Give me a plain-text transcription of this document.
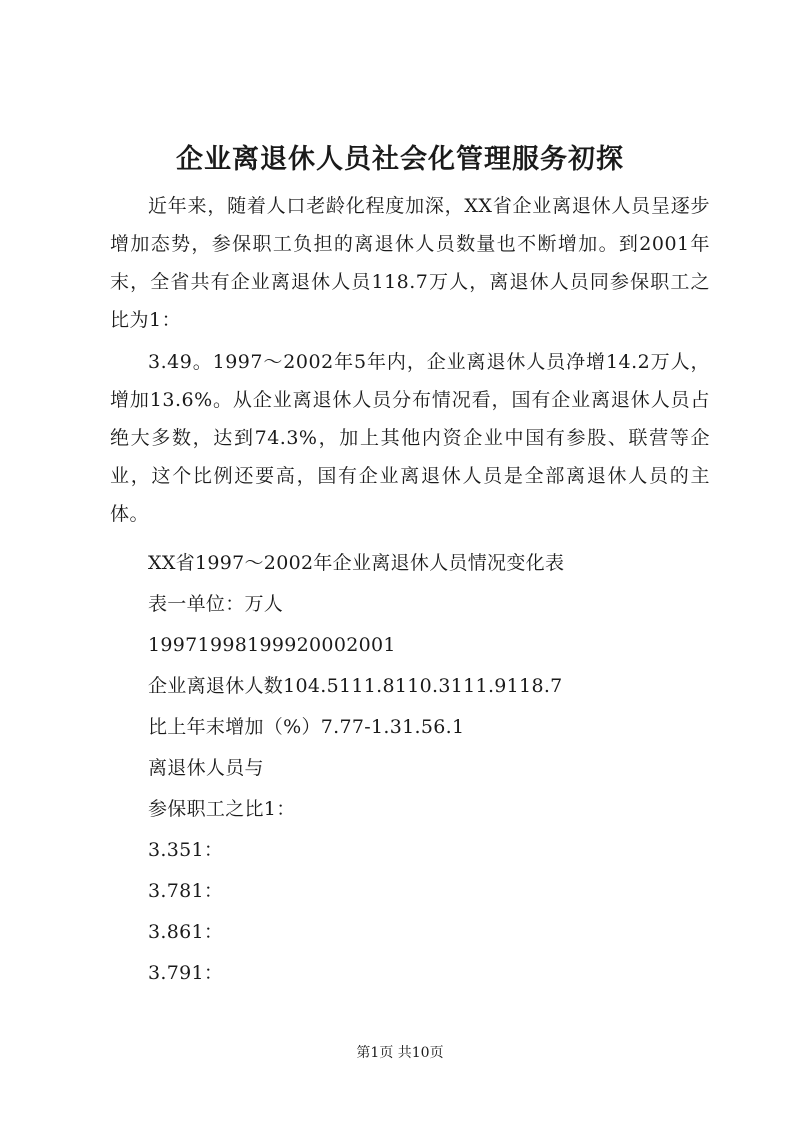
企业离退休人员社会化管理服务初探

近年来，随着人口老龄化程度加深，XX省企业离退休人员呈逐步增加态势，参保职工负担的离退休人员数量也不断增加。到2001年末，全省共有企业离退休人员118.7万人，离退休人员同参保职工之比为1：

3.49。1997～2002年5年内，企业离退休人员净增14.2万人，增加13.6%。从企业离退休人员分布情况看，国有企业离退休人员占绝大多数，达到74.3%，加上其他内资企业中国有参股、联营等企业，这个比例还要高，国有企业离退休人员是全部离退休人员的主体。

XX省1997～2002年企业离退休人员情况变化表
表一单位：万人
19971998199920002001
企业离退休人数104.5111.8110.3111.9118.7
比上年末增加（%）7.77-1.31.56.1
离退休人员与
参保职工之比1：
3.351：
3.781：
3.861：
3.791：
第1页 共10页
